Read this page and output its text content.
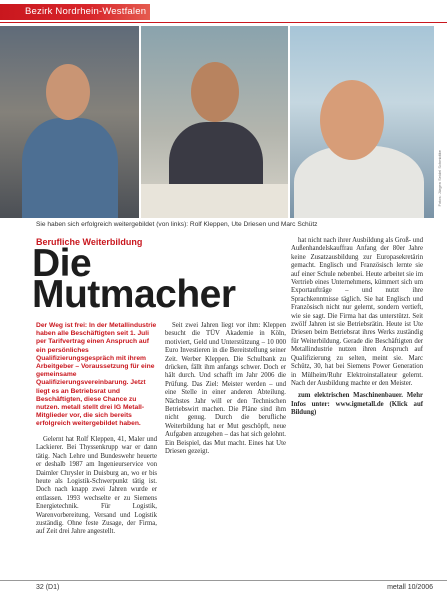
Bezirk Nordrhein-Westfalen
Fotos: Jürgen Seidel Schmidtke
Sie haben sich erfolgreich weitergebildet (von links): Rolf Kleppen, Ute Driesen und Marc Schütz
Berufliche Weiterbildung
Die
Mutmacher
Der Weg ist frei: In der Metallindustrie haben alle Beschäftigten seit 1. Juli per Tarifvertrag einen Anspruch auf ein persönliches Qualifizierungsgespräch mit ihrem Arbeitgeber – Voraussetzung für eine gemeinsame Qualifizierungsvereinbarung. Jetzt liegt es an Betriebsrat und Beschäftigten, diese Chance zu nutzen. metall stellt drei IG Metall-Mitglieder vor, die sich bereits erfolgreich weitergebildet haben.

Gelernt hat Rolf Kleppen, 41, Maler und Lackierer. Bei Thyssenkrupp war er dann tätig. Nach Lehre und Bundeswehr heuerte er deshalb 1987 am Ingenieurservice von Daimler Chrysler in Duisburg an, wo er bis heute als Logistik-Schwerpunkt tätig ist. Doch nach knapp zwei Jahren wurde er entlassen. 1993 wechselte er zu Siemens Energietechnik. Für Logistik, Warenvorbereitung, Versand und Logistik zuständig. Ohne feste Zusage, der Firma, auf Zeit drei Jahre angestellt.

Seit zwei Jahren liegt vor ihm: Kleppen besucht die TÜV Akademie in Köln, motiviert, Geld und Unterstützung – 10 000 Euro Investieren in die Bereitstellung seiner Zeit. Werber Kleppen. Die Schulbank zu drücken, fällt ihm anfangs schwer. Doch er hält durch. Und schafft im Jahr 2006 die Prüfung. Das Ziel: Meister werden – und eine Stelle in einer anderen Abteilung. Nächstes Jahr will er den Technischen Betriebswirt machen. Die Pläne sind ihm nicht genug. Durch die berufliche Weiterbildung hat er Mut geschöpft, neue Aufgaben anzugehen – das hat sich gelohnt. Ein Beispiel, das Mut macht. Eines hat Ute Driesen gezeigt.

hat nicht nach ihrer Ausbildung als Groß- und Außenhandelskauffrau Anfang der 80er Jahre keine Zusatzausbildung zur Europasekretärin gemacht. Englisch und Französisch lernte sie auf einer Schule nebenbei. Heute arbeitet sie im Vertrieb eines Unternehmens, kümmert sich um Exportaufträge – und nutzt ihre Sprachkenntnisse täglich. Sie hat Englisch und Französisch nicht nur gelernt, sondern vertieft, wie sie sagt. Die Firma hat das unterstützt. Seit zwölf Jahren ist sie Betriebsrätin. Heute ist Ute Driesen beim Betriebsrat ihres Werks zuständig für Weiterbildung. Gerade die Beschäftigten der Metallindustrie nutzen ihren Anspruch auf Qualifizierung zu selten, meint sie. Marc Schütz, 30, hat bei Siemens Power Generation in Mülheim/Ruhr Elektroinstallateur gelernt. Nach der Ausbildung machte er den Meister.

zum elektrischen Maschinenbauer. Mehr Infos unter: www.igmetall.de (Klick auf Bildung)

32 (D1)	metall 10/2006
